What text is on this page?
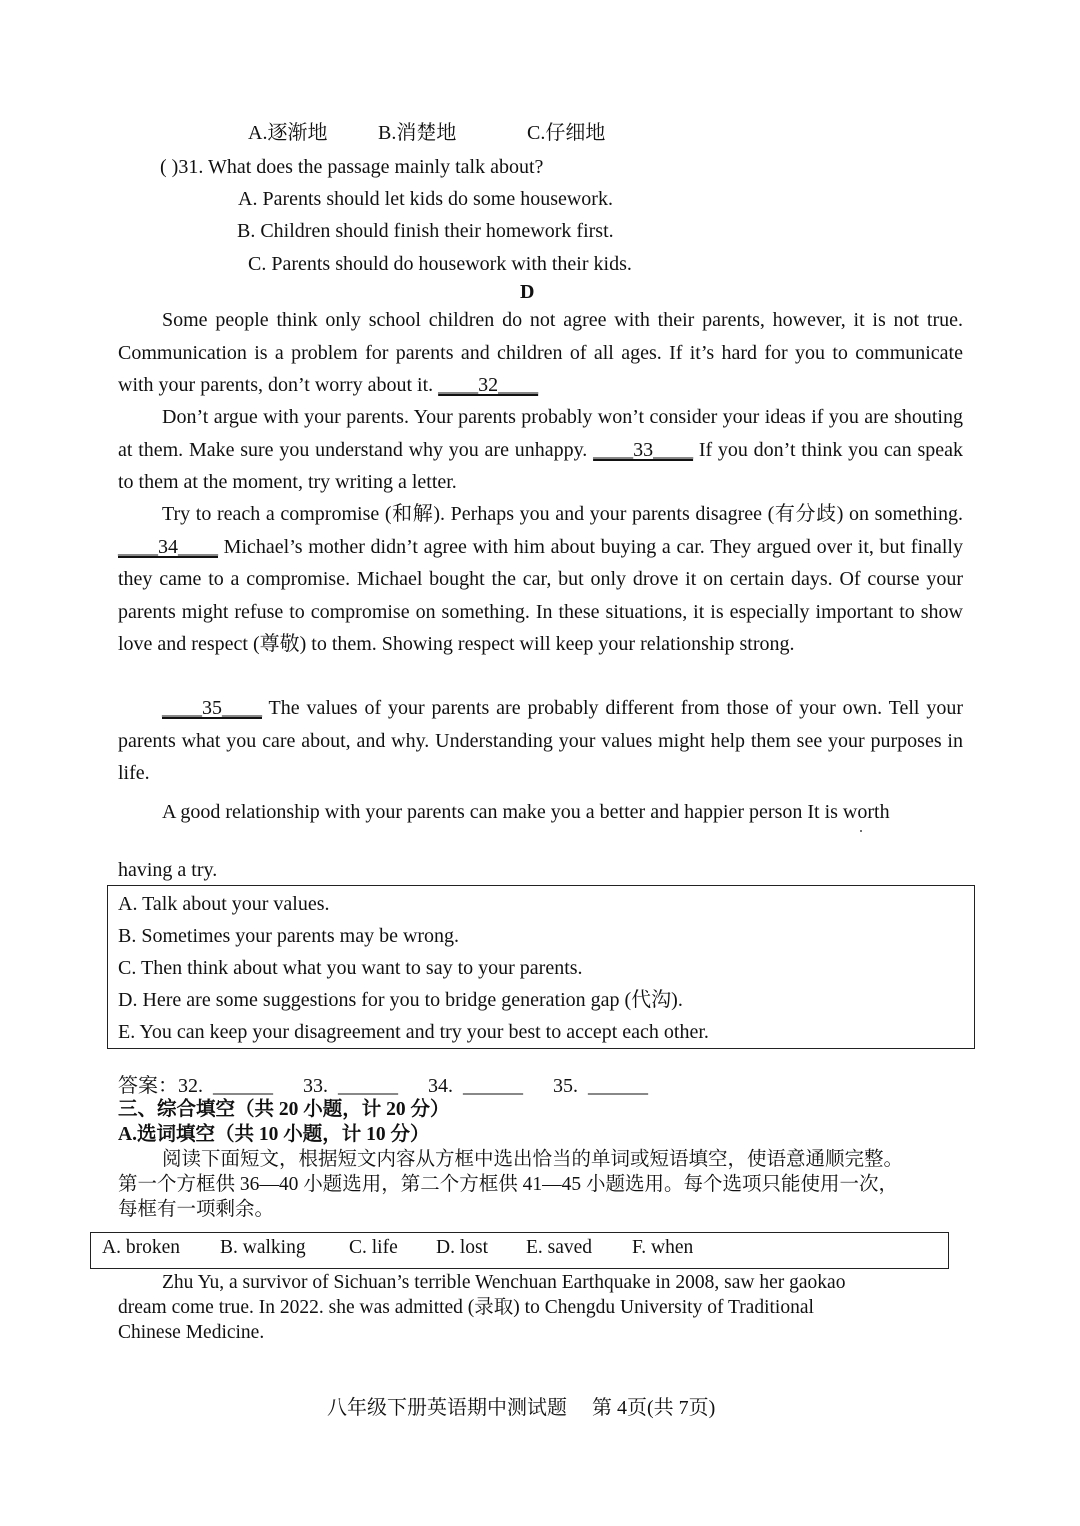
A.逐渐地	B.消楚地	C.仔细地
( )31. What does the passage mainly talk about?
A. Parents should let kids do some housework.
B. Children should finish their homework first.
C. Parents should do housework with their kids.
D
Some people think only school children do not agree with their parents, however, it is not true. Communication is a problem for parents and children of all ages. If it’s hard for you to communicate with your parents, don’t worry about it. ____32____
Don’t argue with your parents. Your parents probably won’t consider your ideas if you are shouting at them. Make sure you understand why you are unhappy. ____33____ If you don’t think you can speak to them at the moment, try writing a letter.
Try to reach a compromise (和解). Perhaps you and your parents disagree (有分歧) on something. ____34____ Michael’s mother didn’t agree with him about buying a car. They argued over it, but finally they came to a compromise. Michael bought the car, but only drove it on certain days. Of course your parents might refuse to compromise on something. In these situations, it is especially important to show love and respect (尊敬) to them. Showing respect will keep your relationship strong.
____35____ The values of your parents are probably different from those of your own. Tell your parents what you care about, and why. Understanding your values might help them see your purposes in life.
A good relationship with your parents can make you a better and happier person It is worth
having a try.
A. Talk about your values.
B. Sometimes your parents may be wrong.
C. Then think about what you want to say to your parents.
D. Here are some suggestions for you to bridge generation gap (代沟).
E. You can keep your disagreement and try your best to accept each other.
答案：32.  ______      33.  ______      34.  ______      35.  ______
三、综合填空（共 20 小题，计 20 分）
A.选词填空（共 10 小题，计 10 分）
阅读下面短文，根据短文内容从方框中选出恰当的单词或短语填空，使语意通顺完整。
第一个方框供 36—40 小题选用，第二个方框供 41—45 小题选用。每个选项只能使用一次，
每框有一项剩余。
A. broken B. walking C. life D. lost E. saved F. when
Zhu Yu, a survivor of Sichuan’s terrible Wenchuan Earthquake in 2008, saw her gaokao
dream come true. In 2022. she was admitted (录取) to Chengdu University of Traditional
Chinese Medicine.
八年级下册英语期中测试题     第 4页(共 7页)
